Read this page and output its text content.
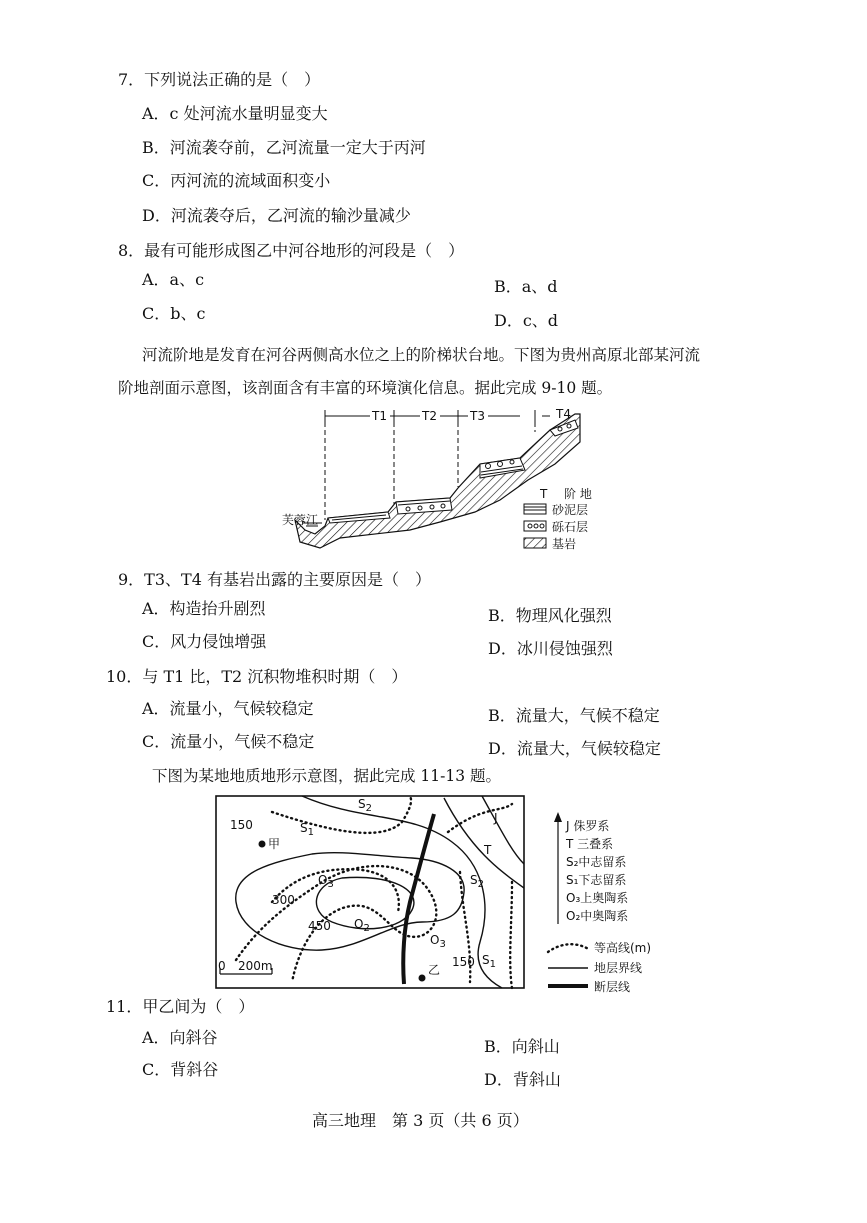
7．下列说法正确的是（　）
A．c 处河流水量明显变大
B．河流袭夺前，乙河流量一定大于丙河
C．丙河流的流域面积变小
D．河流袭夺后，乙河流的输沙量减少
8．最有可能形成图乙中河谷地形的河段是（　）
A．a、c	B．a、d
C．b、c	D．c、d
河流阶地是发育在河谷两侧高水位之上的阶梯状台地。下图为贵州高原北部某河流
阶地剖面示意图，该剖面含有丰富的环境演化信息。据此完成 9-10 题。
T1	T2	T3	T4
芙蓉江
T 阶 地
砂泥层
砾石层
基岩
9．T3、T4 有基岩出露的主要原因是（　）
A．构造抬升剧烈	B．物理风化强烈
C．风力侵蚀增强	D．冰川侵蚀强烈
10．与 T1 比，T2 沉积物堆积时期（　）
A．流量小，气候较稳定	B．流量大，气候不稳定
C．流量小，气候不稳定	D．流量大，气候较稳定
下图为某地地质地形示意图，据此完成 11-13 题。
150
300
450
150
甲
乙
$S_1$
$S_2$
$O_3$
$O_2$
$O_3$
$S_2$
$S_1$
J
T
0 200m
J 侏罗系
T 三叠系
S₂中志留系
S₁下志留系
O₃上奥陶系
O₂中奥陶系
等高线(m)
地层界线
断层线
11．甲乙间为（　）
A．向斜谷	B．向斜山
C．背斜谷
D．背斜山
高三地理　第 3 页（共 6 页）
